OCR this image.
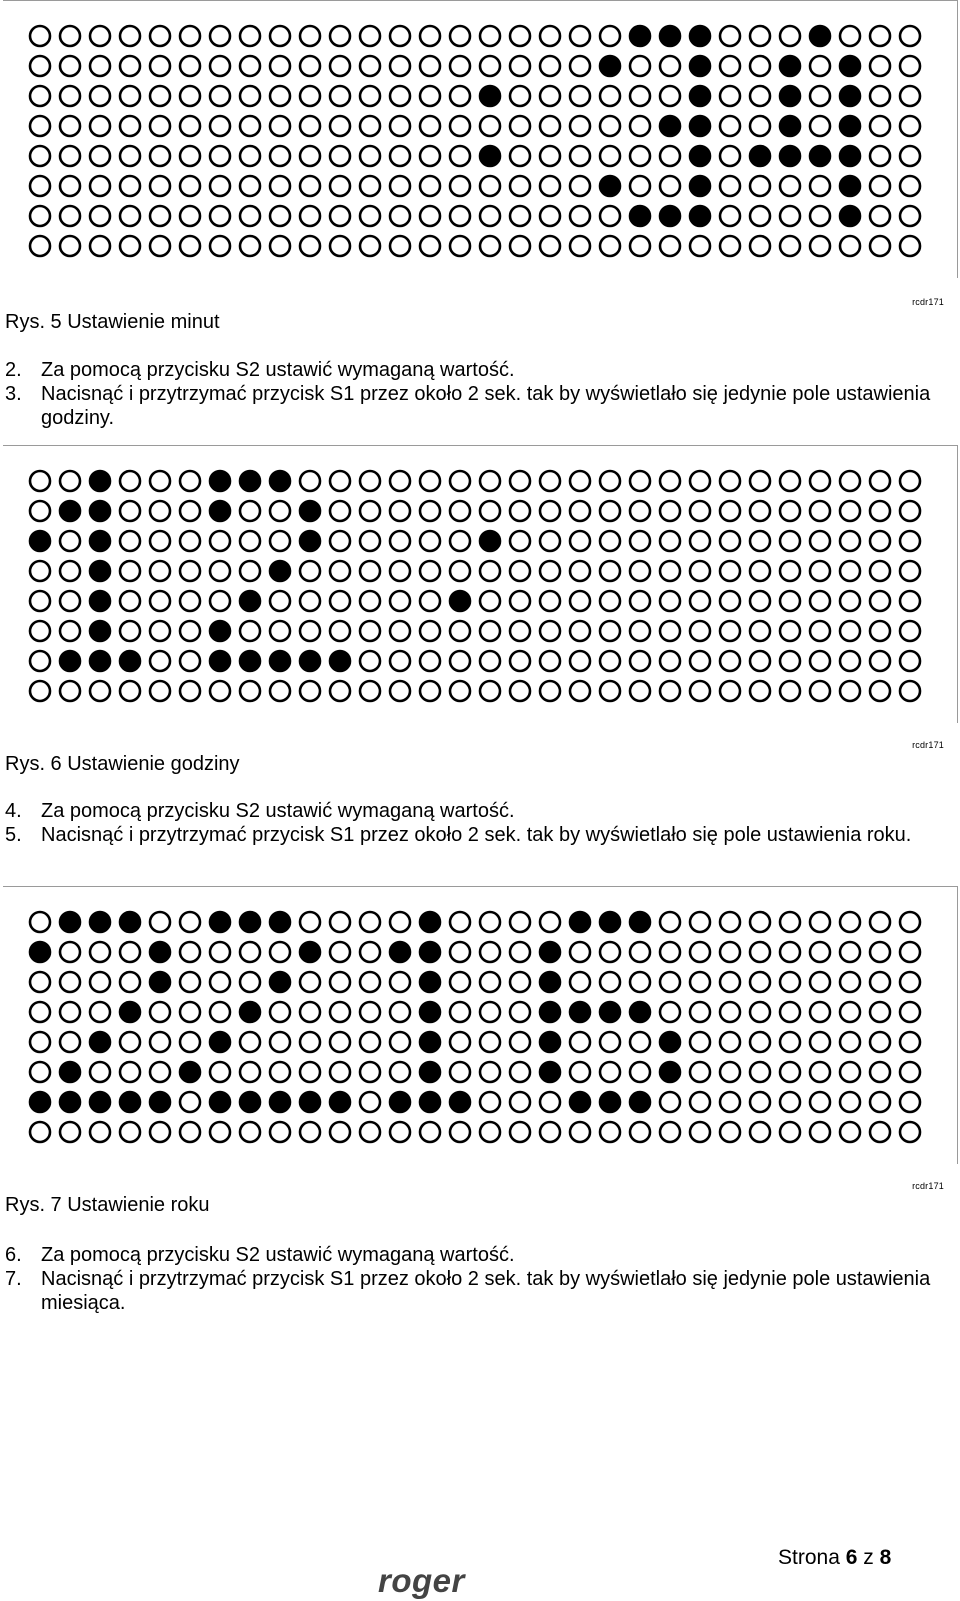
rcdr171
Rys. 5 Ustawienie minut
2. Za pomocą przycisku S2 ustawić wymaganą wartość.
3. Nacisnąć i przytrzymać przycisk S1 przez około 2 sek. tak by wyświetlało się jedynie pole ustawienia godziny.
rcdr171
Rys. 6 Ustawienie godziny
4. Za pomocą przycisku S2 ustawić wymaganą wartość.
5. Nacisnąć i przytrzymać przycisk S1 przez około 2 sek. tak by wyświetlało się pole ustawienia roku.
rcdr171
Rys. 7 Ustawienie roku
6. Za pomocą przycisku S2 ustawić wymaganą wartość.
7. Nacisnąć i przytrzymać przycisk S1 przez około 2 sek. tak by wyświetlało się jedynie pole ustawienia miesiąca.
Strona 6 z 8
roger
